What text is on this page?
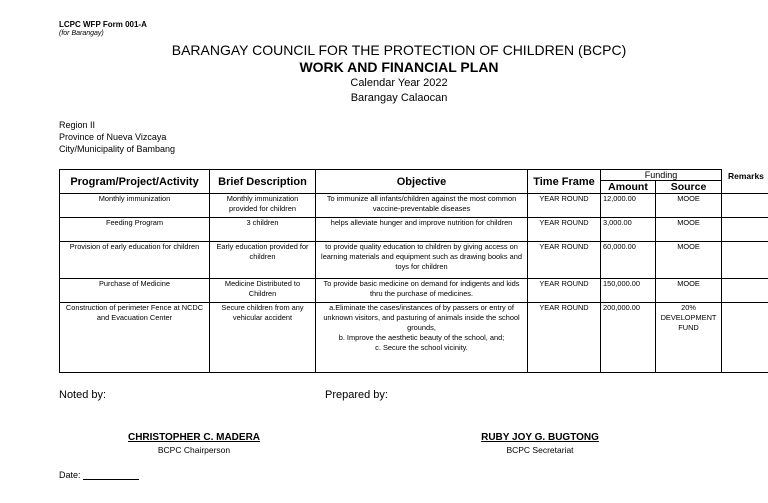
LCPC WFP Form 001-A
(for Barangay)
BARANGAY COUNCIL FOR THE PROTECTION OF CHILDREN (BCPC)
WORK AND FINANCIAL PLAN
Calendar Year 2022
Barangay Calaocan
Region II
Province of Nueva Vizcaya
City/Municipality of Bambang
Program/Project/Activity	Brief Description	Objective	Time Frame	Funding		Remarks
				Amount	Source	
Monthly immunization	Monthly immunization provided for children	To immunize all infants/children against the most common vaccine-preventable diseases	YEAR ROUND	12,000.00	MOOE	
Feeding Program	3 children	helps alleviate hunger and improve nutrition for children	YEAR ROUND	3,000.00	MOOE	
Provision of early education for children	Early education provided for children	to provide quality education to children by giving access on learning materials and equipment such as drawing books and toys for children	YEAR ROUND	60,000.00	MOOE	
Purchase of Medicine	Medicine Distributed to Children	To provide basic medicine on demand for indigents and kids thru the purchase of medicines.	YEAR ROUND	150,000.00	MOOE	
Construction of perimeter Fence at NCDC and Evacuation Center	Secure children from any vehicular accident	a.Eliminate the cases/instances of by passers or entry of unknown visitors, and pasturing of animals inside the school grounds,
b. Improve the aesthetic beauty of the school, and;
c. Secure the school vicinity.	YEAR ROUND	200,000.00	20% DEVELOPMENT FUND	
Noted by:	Prepared by:
CHRISTOPHER C. MADERA
BCPC Chairperson
RUBY JOY G. BUGTONG
BCPC Secretariat
Date:
